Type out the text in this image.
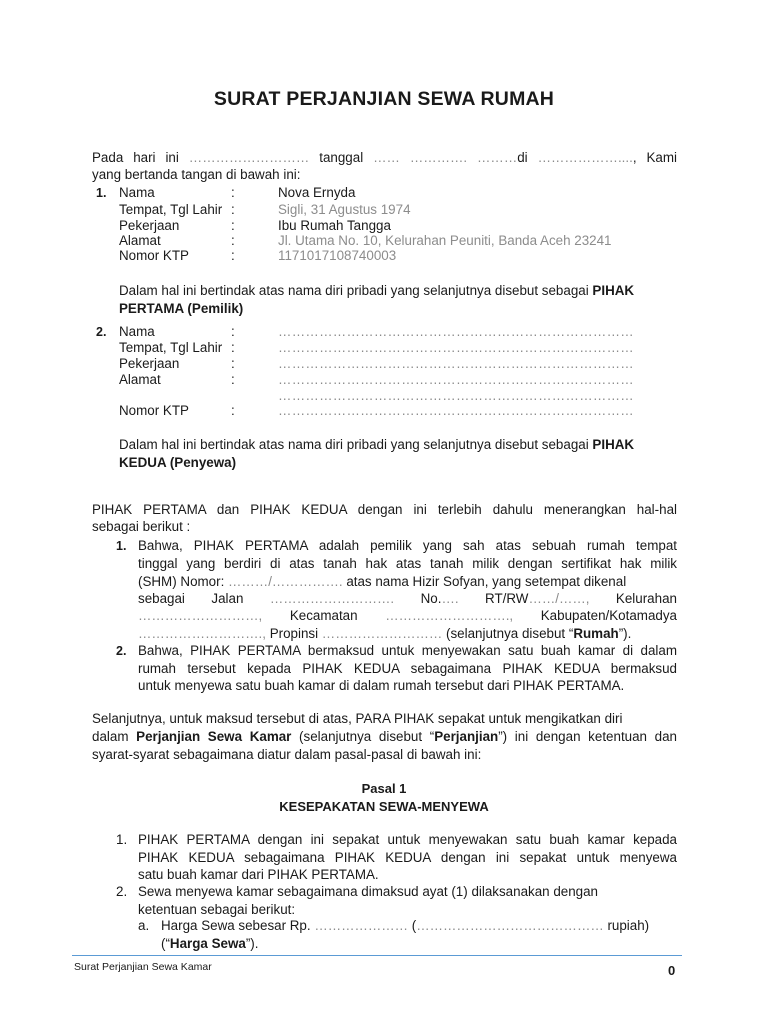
SURAT PERJANJIAN SEWA RUMAH
Pada hari ini ……………………… tanggal …… …………. ………di ………………...., Kami
yang bertanda tangan di bawah ini:
1. Nama
Tempat, Tgl Lahir
Pekerjaan
Alamat
Nomor KTP
:
:
:
:
:
Nova Ernyda
Sigli, 31 Agustus 1974
Ibu Rumah Tangga
Jl. Utama No. 10, Kelurahan Peuniti, Banda Aceh 23241
1171017108740003
Dalam hal ini bertindak atas nama diri pribadi yang selanjutnya disebut sebagai PIHAK
PERTAMA (Pemilik)
2. Nama
Tempat, Tgl Lahir
Pekerjaan
Alamat
Nomor KTP
:
:
:
:
:
……………………………………………………………………
……………………………………………………………………
……………………………………………………………………
……………………………………………………………………
……………………………………………………………………
……………………………………………………………………
Dalam hal ini bertindak atas nama diri pribadi yang selanjutnya disebut sebagai PIHAK
KEDUA (Penyewa)
PIHAK PERTAMA dan PIHAK KEDUA dengan ini terlebih dahulu menerangkan hal-hal
sebagai berikut :
1. Bahwa, PIHAK PERTAMA adalah pemilik yang sah atas sebuah rumah tempat
tinggal yang berdiri di atas tanah hak atas tanah milik dengan sertifikat hak milik
(SHM) Nomor: ………/……………. atas nama Hizir Sofyan, yang setempat dikenal
sebagai Jalan ………………………. No.…. RT/RW……/……, Kelurahan
………………………, Kecamatan ………………………., Kabupaten/Kotamadya
………………………., Propinsi ……………………… (selanjutnya disebut “Rumah”).
2. Bahwa, PIHAK PERTAMA bermaksud untuk menyewakan satu buah kamar di dalam
rumah tersebut kepada PIHAK KEDUA sebagaimana PIHAK KEDUA bermaksud
untuk menyewa satu buah kamar di dalam rumah tersebut dari PIHAK PERTAMA.
Selanjutnya, untuk maksud tersebut di atas, PARA PIHAK sepakat untuk mengikatkan diri
dalam Perjanjian Sewa Kamar (selanjutnya disebut “Perjanjian”) ini dengan ketentuan dan
syarat-syarat sebagaimana diatur dalam pasal-pasal di bawah ini:
Pasal 1
KESEPAKATAN SEWA-MENYEWA
1. PIHAK PERTAMA dengan ini sepakat untuk menyewakan satu buah kamar kepada
PIHAK KEDUA sebagaimana PIHAK KEDUA dengan ini sepakat untuk menyewa
satu buah kamar dari PIHAK PERTAMA.
2. Sewa menyewa kamar sebagaimana dimaksud ayat (1) dilaksanakan dengan
ketentuan sebagai berikut:
a. Harga Sewa sebesar Rp. ………………… (…………………………………… rupiah)
(“Harga Sewa”).
Surat Perjanjian Sewa Kamar	0
